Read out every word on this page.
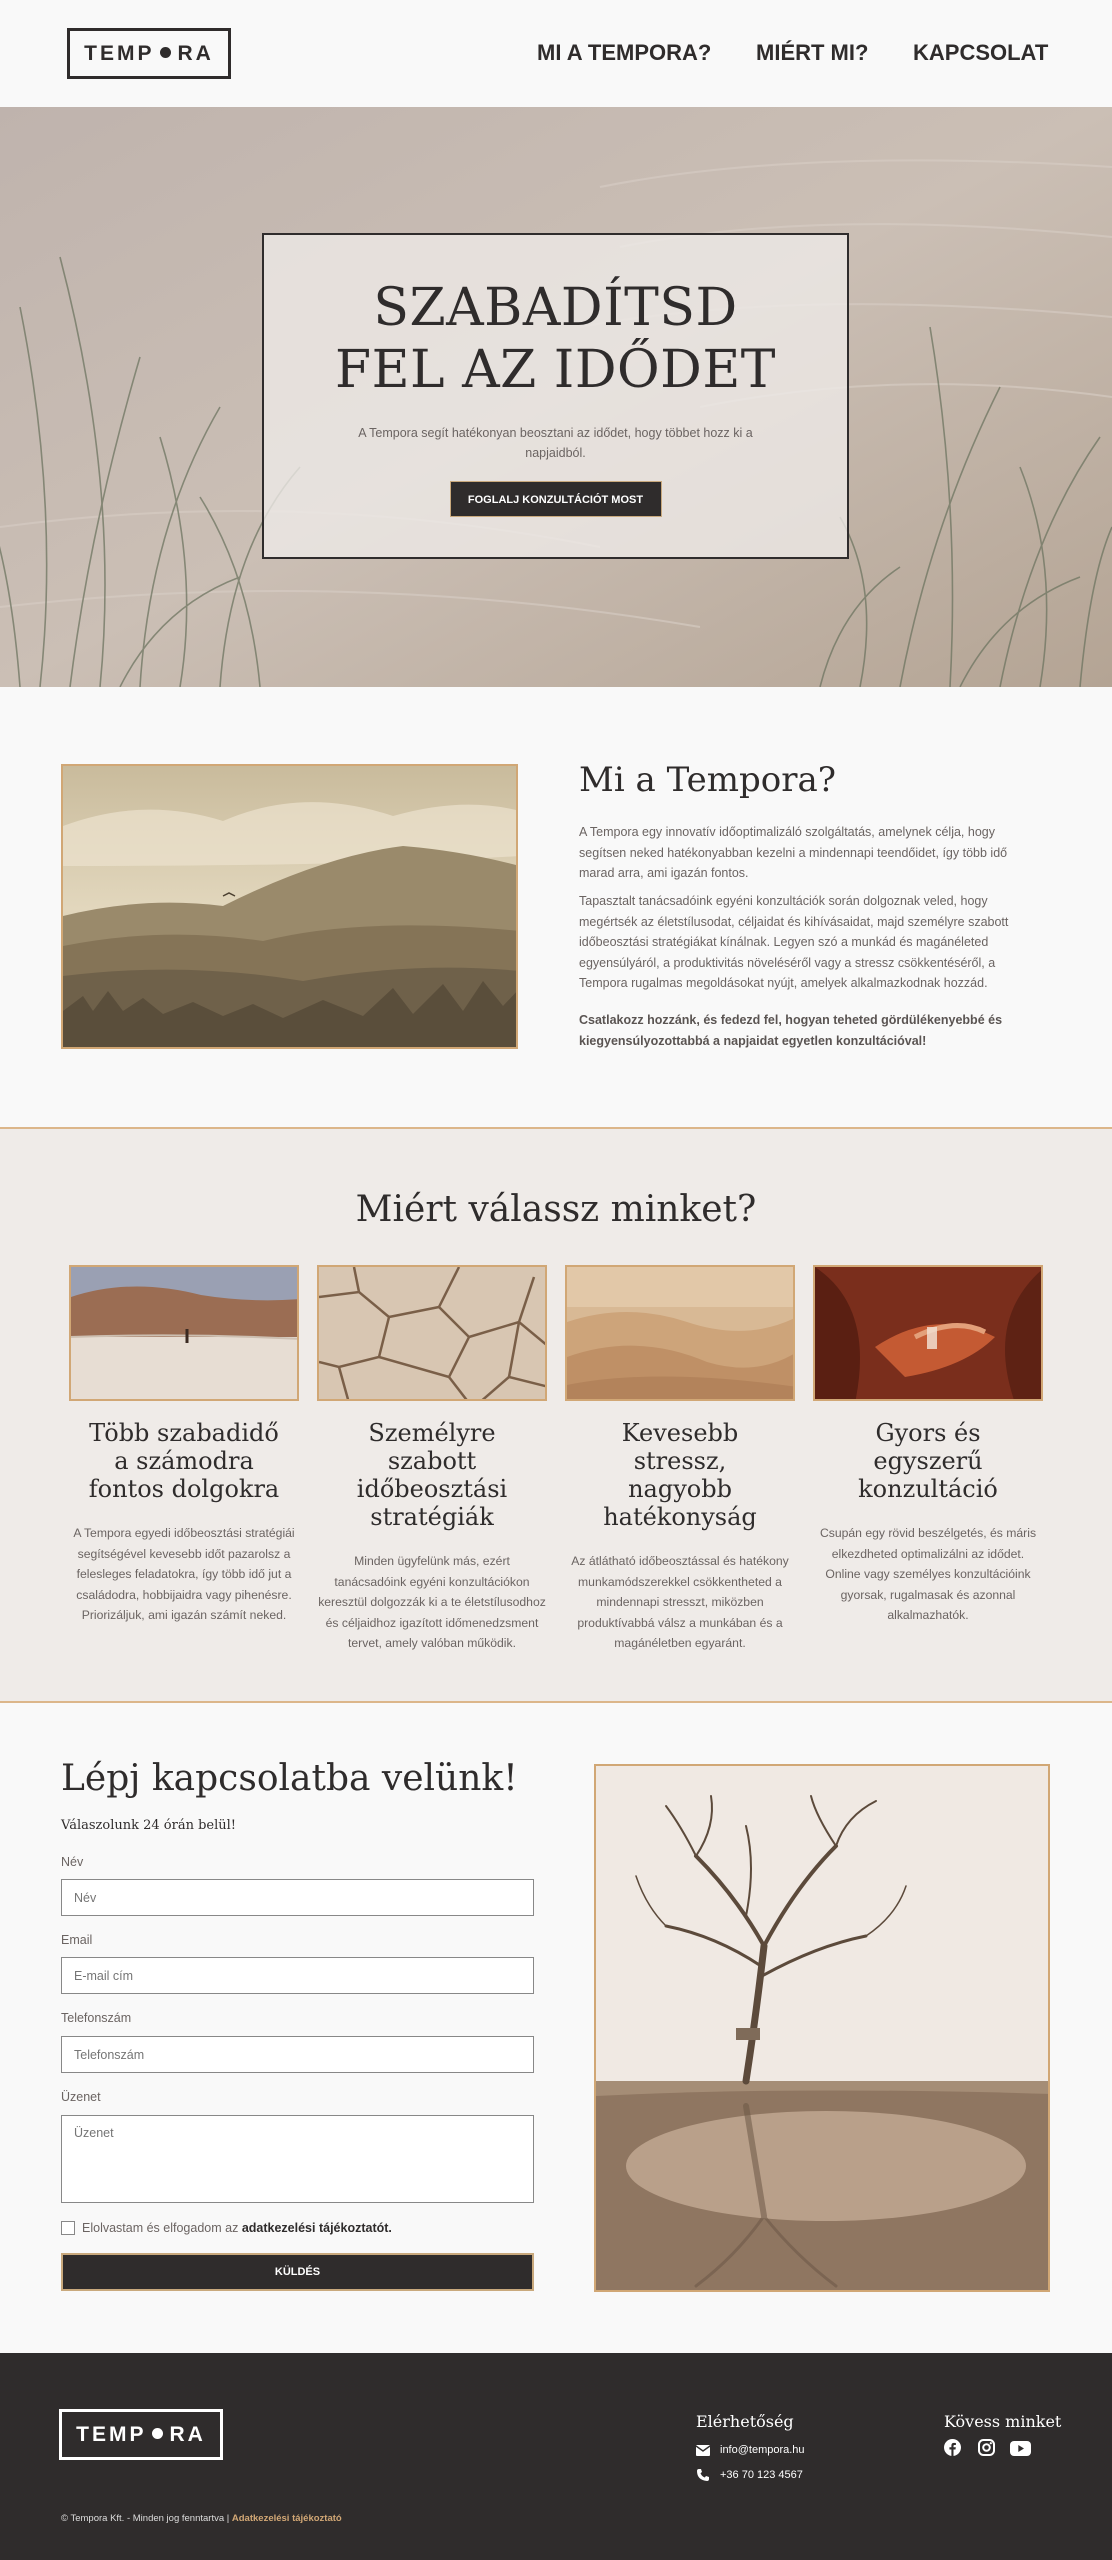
TEMP RA	MI A TEMPORA? MIÉRT MI? KAPCSOLAT
SZABADÍTSD
FEL AZ IDŐDET

A Tempora segít hatékonyan beosztani az idődet, hogy többet hozz ki a napjaidból.

FOGLALJ KONZULTÁCIÓT MOST
Mi a Tempora?

A Tempora egy innovatív időoptimalizáló szolgáltatás, amelynek célja, hogy segítsen neked hatékonyabban kezelni a mindennapi teendőidet, így több idő marad arra, ami igazán fontos.

Tapasztalt tanácsadóink egyéni konzultációk során dolgoznak veled, hogy megértsék az életstílusodat, céljaidat és kihívásaidat, majd személyre szabott időbeosztási stratégiákat kínálnak. Legyen szó a munkád és magánéleted egyensúlyáról, a produktivitás növeléséről vagy a stressz csökkentéséről, a Tempora rugalmas megoldásokat nyújt, amelyek alkalmazkodnak hozzád.

Csatlakozz hozzánk, és fedezd fel, hogyan teheted gördülékenyebbé és kiegyensúlyozottabbá a napjaidat egyetlen konzultációval!

Miért válassz minket?
Több szabadidő a számodra fontos dolgokra

A Tempora egyedi időbeosztási stratégiái segítségével kevesebb időt pazarolsz a felesleges feladatokra, így több idő jut a családodra, hobbijaidra vagy pihenésre. Priorizáljuk, ami igazán számít neked.

Személyre szabott időbeosztási stratégiák

Minden ügyfelünk más, ezért tanácsadóink egyéni konzultációkon keresztül dolgozzák ki a te életstílusodhoz és céljaidhoz igazított időmenedzsment tervet, amely valóban működik.

Kevesebb stressz, nagyobb hatékonyság

Az átlátható időbeosztással és hatékony munkamódszerekkel csökkentheted a mindennapi stresszt, miközben produktívabbá válsz a munkában és a magánéletben egyaránt.

Gyors és egyszerű konzultáció

Csupán egy rövid beszélgetés, és máris elkezdheted optimalizálni az idődet. Online vagy személyes konzultációink gyorsak, rugalmasak és azonnal alkalmazhatók.

Lépj kapcsolatba velünk!

Válaszolunk 24 órán belül!

Név
Név
Email
E-mail cím
Telefonszám
Telefonszám
Üzenet
Üzenet
Elolvastam és elfogadom az adatkezelési tájékoztatót.
KÜLDÉS
TEMP RA
Elérhetőség
info@tempora.hu
+36 70 123 4567
Kövess minket
© Tempora Kft. - Minden jog fenntartva | Adatkezelési tájékoztató
